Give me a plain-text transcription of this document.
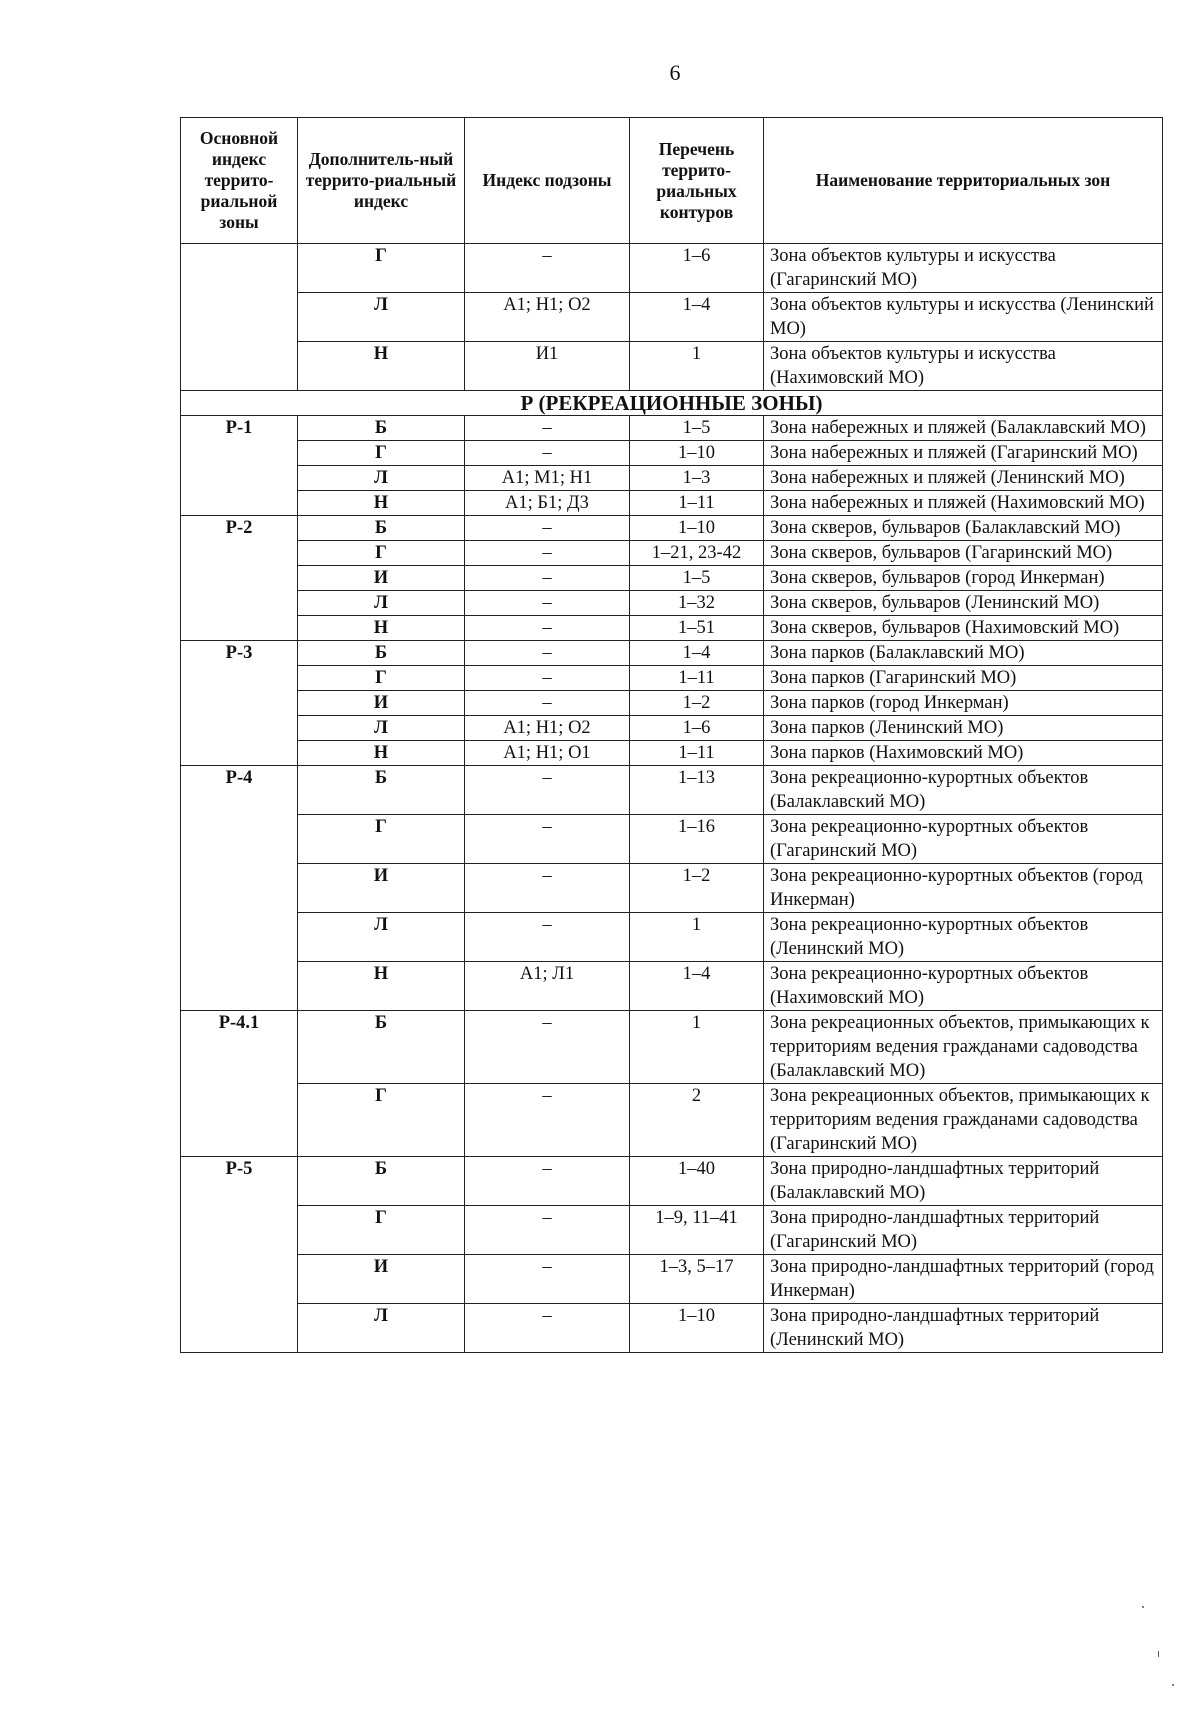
6
Основной индекс террито-риальной зоны	Дополнитель-ный террито-риальный индекс	Индекс подзоны	Перечень террито-риальных контуров	Наименование территориальных зон
	Г	–	1–6	Зона объектов культуры и искусства (Гагаринский МО)
	Л	А1; Н1; О2	1–4	Зона объектов культуры и искусства (Ленинский МО)
	Н	И1	1	Зона объектов культуры и искусства (Нахимовский МО)
Р (РЕКРЕАЦИОННЫЕ ЗОНЫ)				
Р-1	Б	–	1–5	Зона набережных и пляжей (Балаклавский МО)
	Г	–	1–10	Зона набережных и пляжей (Гагаринский МО)
	Л	А1; М1; Н1	1–3	Зона набережных и пляжей (Ленинский МО)
	Н	А1; Б1; Д3	1–11	Зона набережных и пляжей (Нахимовский МО)
Р-2	Б	–	1–10	Зона скверов, бульваров (Балаклавский МО)
	Г	–	1–21, 23-42	Зона скверов, бульваров (Гагаринский МО)
	И	–	1–5	Зона скверов, бульваров (город Инкерман)
	Л	–	1–32	Зона скверов, бульваров (Ленинский МО)
	Н	–	1–51	Зона скверов, бульваров (Нахимовский МО)
Р-3	Б	–	1–4	Зона парков (Балаклавский МО)
	Г	–	1–11	Зона парков (Гагаринский МО)
	И	–	1–2	Зона парков (город Инкерман)
	Л	А1; Н1; О2	1–6	Зона парков (Ленинский МО)
	Н	А1; Н1; О1	1–11	Зона парков (Нахимовский МО)
Р-4	Б	–	1–13	Зона рекреационно-курортных объектов (Балаклавский МО)
	Г	–	1–16	Зона рекреационно-курортных объектов (Гагаринский МО)
	И	–	1–2	Зона рекреационно-курортных объектов (город Инкерман)
	Л	–	1	Зона рекреационно-курортных объектов (Ленинский МО)
	Н	А1; Л1	1–4	Зона рекреационно-курортных объектов (Нахимовский МО)
Р-4.1	Б	–	1	Зона рекреационных объектов, примыкающих к территориям ведения гражданами садоводства (Балаклавский МО)
	Г	–	2	Зона рекреационных объектов, примыкающих к территориям ведения гражданами садоводства (Гагаринский МО)
Р-5	Б	–	1–40	Зона природно-ландшафтных территорий (Балаклавский МО)
	Г	–	1–9, 11–41	Зона природно-ландшафтных территорий (Гагаринский МО)
	И	–	1–3, 5–17	Зона природно-ландшафтных территорий (город Инкерман)
	Л	–	1–10	Зона природно-ландшафтных территорий (Ленинский МО)
